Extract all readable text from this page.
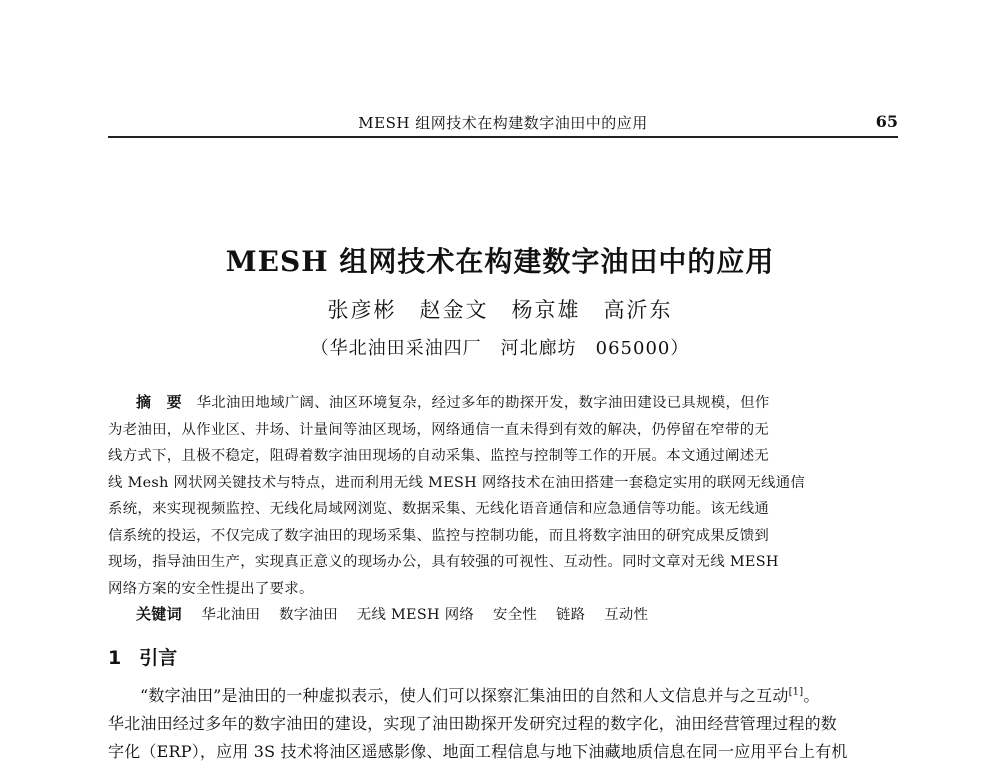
MESH 组网技术在构建数字油田中的应用	65
MESH 组网技术在构建数字油田中的应用
张彦彬　赵金文　杨京雄　高沂东
（华北油田采油四厂　河北廊坊　065000）

摘　要　 华北油田地域广阔、油区环境复杂，经过多年的勘探开发，数字油田建设已具规模，但作
为老油田，从作业区、井场、计量间等油区现场，网络通信一直未得到有效的解决，仍停留在窄带的无
线方式下，且极不稳定，阻碍着数字油田现场的自动采集、监控与控制等工作的开展。本文通过阐述无
线 Mesh 网状网关键技术与特点，进而利用无线 MESH 网络技术在油田搭建一套稳定实用的联网无线通信
系统，来实现视频监控、无线化局域网浏览、数据采集、无线化语音通信和应急通信等功能。该无线通
信系统的投运，不仅完成了数字油田的现场采集、监控与控制功能，而且将数字油田的研究成果反馈到
现场，指导油田生产，实现真正意义的现场办公，具有较强的可视性、互动性。同时文章对无线 MESH
网络方案的安全性提出了要求。

关键词　 华北油田 数字油田 无线 MESH 网络 安全性 链路 互动性
1 引言

“数字油田”是油田的一种虚拟表示，使人们可以探察汇集油田的自然和人文信息并与之互动[1]。
华北油田经过多年的数字油田的建设，实现了油田勘探开发研究过程的数字化，油田经营管理过程的数
字化（ERP），应用 3S 技术将油区遥感影像、地面工程信息与地下油藏地质信息在同一应用平台上有机
